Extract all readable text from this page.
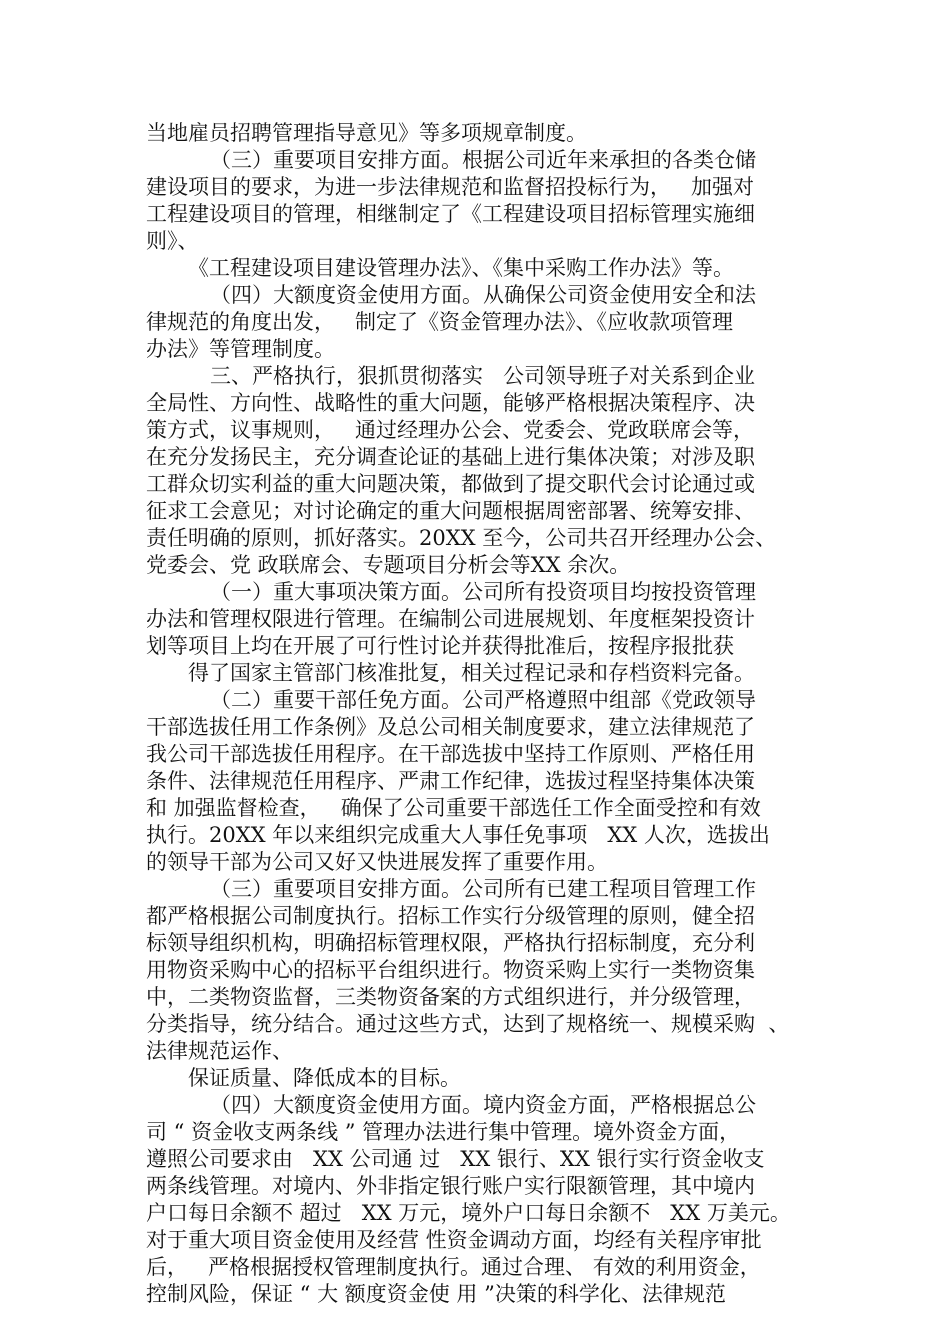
当地雇员招聘管理指导意见》等多项规章制度。
（三）重要项目安排方面。根据公司近年来承担的各类仓储
建设项目的要求，为进一步法律规范和监督招投标行为，   加强对
工程建设项目的管理，相继制定了《工程建设项目招标管理实施细
则》、
《工程建设项目建设管理办法》、《集中采购工作办法》等。
（四）大额度资金使用方面。从确保公司资金使用安全和法
律规范的角度出发，   制定了《资金管理办法》、《应收款项管理
办法》等管理制度。
三、严格执行，狠抓贯彻落实   公司领导班子对关系到企业
全局性、方向性、战略性的重大问题，能够严格根据决策程序、决
策方式，议事规则，   通过经理办公会、党委会、党政联席会等，
在充分发扬民主，充分调查论证的基础上进行集体决策；对涉及职
工群众切实利益的重大问题决策，都做到了提交职代会讨论通过或
征求工会意见；对讨论确定的重大问题根据周密部署、统筹安排、
责任明确的原则，抓好落实。20XX 至今，公司共召开经理办公会、
党委会、党 政联席会、专题项目分析会等XX 余次。
（一）重大事项决策方面。公司所有投资项目均按投资管理
办法和管理权限进行管理。在编制公司进展规划、年度框架投资计
划等项目上均在开展了可行性讨论并获得批准后，按程序报批获
得了国家主管部门核准批复，相关过程记录和存档资料完备。
（二）重要干部任免方面。公司严格遵照中组部《党政领导
干部选拔任用工作条例》及总公司相关制度要求，建立法律规范了
我公司干部选拔任用程序。在干部选拔中坚持工作原则、严格任用
条件、法律规范任用程序、严肃工作纪律，选拔过程坚持集体决策
和 加强监督检查，   确保了公司重要干部选任工作全面受控和有效
执行。20XX 年以来组织完成重大人事任免事项   XX 人次，选拔出
的领导干部为公司又好又快进展发挥了重要作用。
（三）重要项目安排方面。公司所有已建工程项目管理工作
都严格根据公司制度执行。招标工作实行分级管理的原则，健全招
标领导组织机构，明确招标管理权限，严格执行招标制度，充分利
用物资采购中心的招标平台组织进行。物资采购上实行一类物资集
中，二类物资监督，三类物资备案的方式组织进行，并分级管理，
分类指导，统分结合。通过这些方式，达到了规格统一、规模采购  、
法律规范运作、
保证质量、降低成本的目标。
（四）大额度资金使用方面。境内资金方面，严格根据总公
司 “ 资金收支两条线 ” 管理办法进行集中管理。境外资金方面，
遵照公司要求由   XX 公司通 过   XX 银行、XX 银行实行资金收支
两条线管理。对境内、外非指定银行账户实行限额管理，其中境内
户口每日余额不 超过   XX 万元，境外户口每日余额不   XX 万美元。
对于重大项目资金使用及经营 性资金调动方面，均经有关程序审批
后，   严格根据授权管理制度执行。通过合理、 有效的利用资金，
控制风险，保证 “ 大 额度资金使 用 ”决策的科学化、法律规范
